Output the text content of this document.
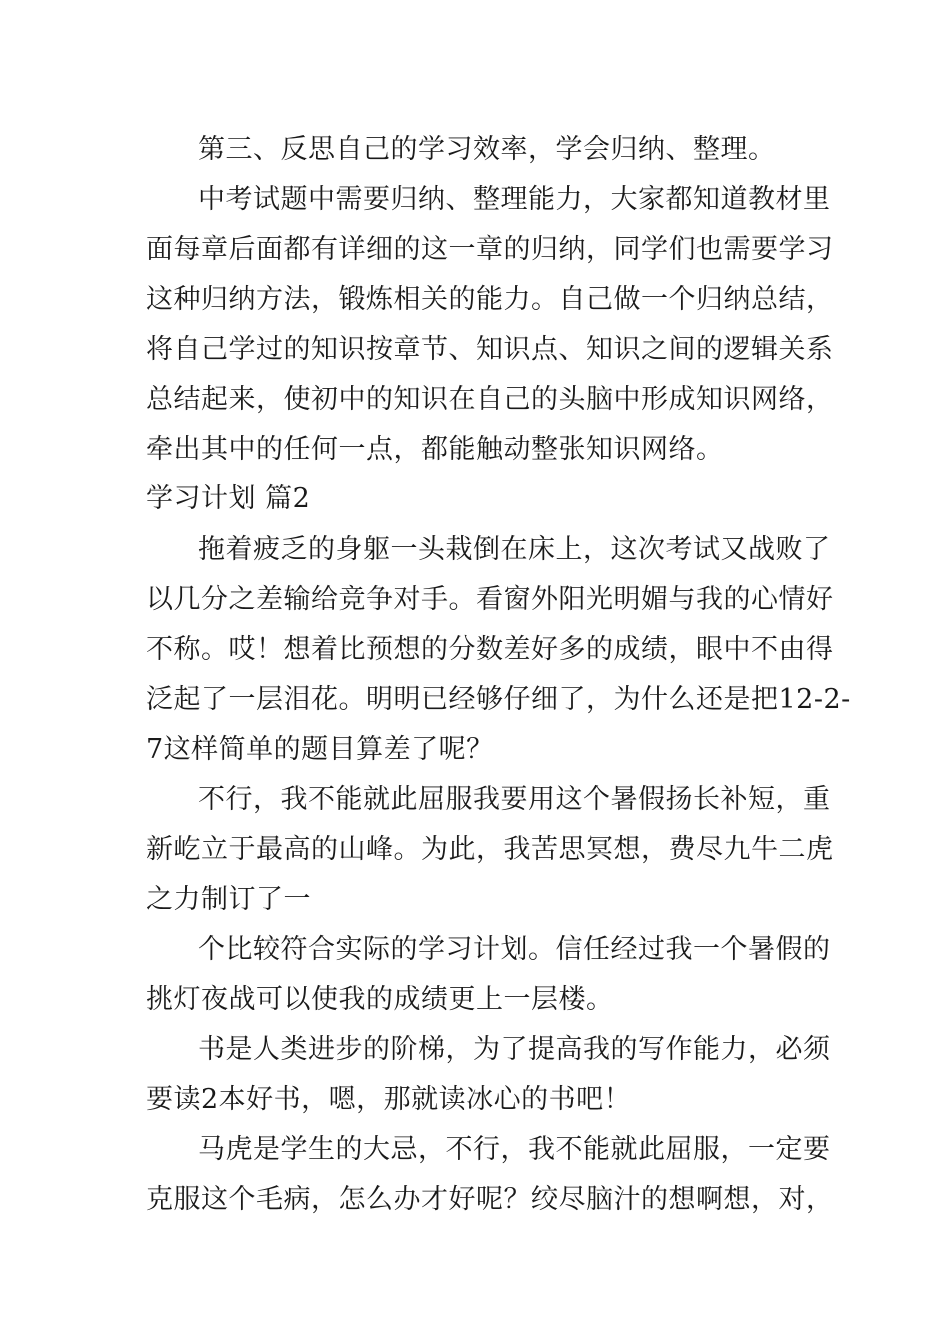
第三、反思自己的学习效率，学会归纳、整理。
中考试题中需要归纳、整理能力，大家都知道教材里
面每章后面都有详细的这一章的归纳，同学们也需要学习
这种归纳方法，锻炼相关的能力。自己做一个归纳总结，
将自己学过的知识按章节、知识点、知识之间的逻辑关系
总结起来，使初中的知识在自己的头脑中形成知识网络，
牵出其中的任何一点，都能触动整张知识网络。
学习计划 篇2
拖着疲乏的身躯一头栽倒在床上，这次考试又战败了
以几分之差输给竞争对手。看窗外阳光明媚与我的心情好
不称。哎！想着比预想的分数差好多的成绩，眼中不由得
泛起了一层泪花。明明已经够仔细了，为什么还是把12-2-
7这样简单的题目算差了呢？
不行，我不能就此屈服我要用这个暑假扬长补短，重
新屹立于最高的山峰。为此，我苦思冥想，费尽九牛二虎
之力制订了一
个比较符合实际的学习计划。信任经过我一个暑假的
挑灯夜战可以使我的成绩更上一层楼。
书是人类进步的阶梯，为了提高我的写作能力，必须
要读2本好书，嗯，那就读冰心的书吧！
马虎是学生的大忌，不行，我不能就此屈服，一定要
克服这个毛病，怎么办才好呢？绞尽脑汁的想啊想，对，
